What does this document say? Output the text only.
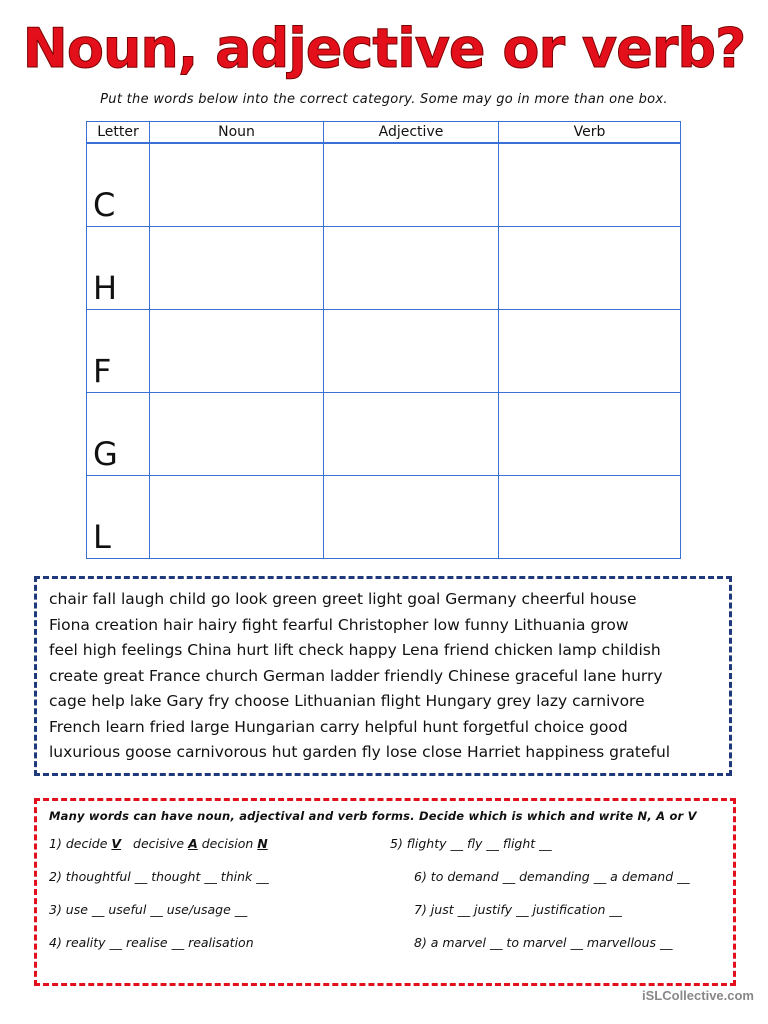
Noun, adjective or verb?
Put the words below into the correct category. Some may go in more than one box.
Letter	Noun	Adjective	Verb
C			
H			
F			
G			
L			

chair fall laugh child go look green greet light goal Germany cheerful house

Fiona creation hair hairy fight fearful Christopher low funny Lithuania grow

feel high feelings China hurt lift check happy Lena friend chicken lamp childish

create great France church German ladder friendly Chinese graceful lane hurry

cage help lake Gary fry choose Lithuanian flight Hungary grey lazy carnivore

French learn fried large Hungarian carry helpful hunt forgetful choice good

luxurious goose carnivorous hut garden fly lose close Harriet happiness grateful

Many words can have noun, adjectival and verb forms. Decide which is which and write N, A or V
1) decide V decisive A decision N	5) flighty __ fly __ flight __
2) thoughtful __ thought __ think __	6) to demand __ demanding __ a demand __
3) use __ useful __ use/usage __	7) just __ justify __ justification __
4) reality __ realise __ realisation	8) a marvel __ to marvel __ marvellous __
iSLCollective.com
